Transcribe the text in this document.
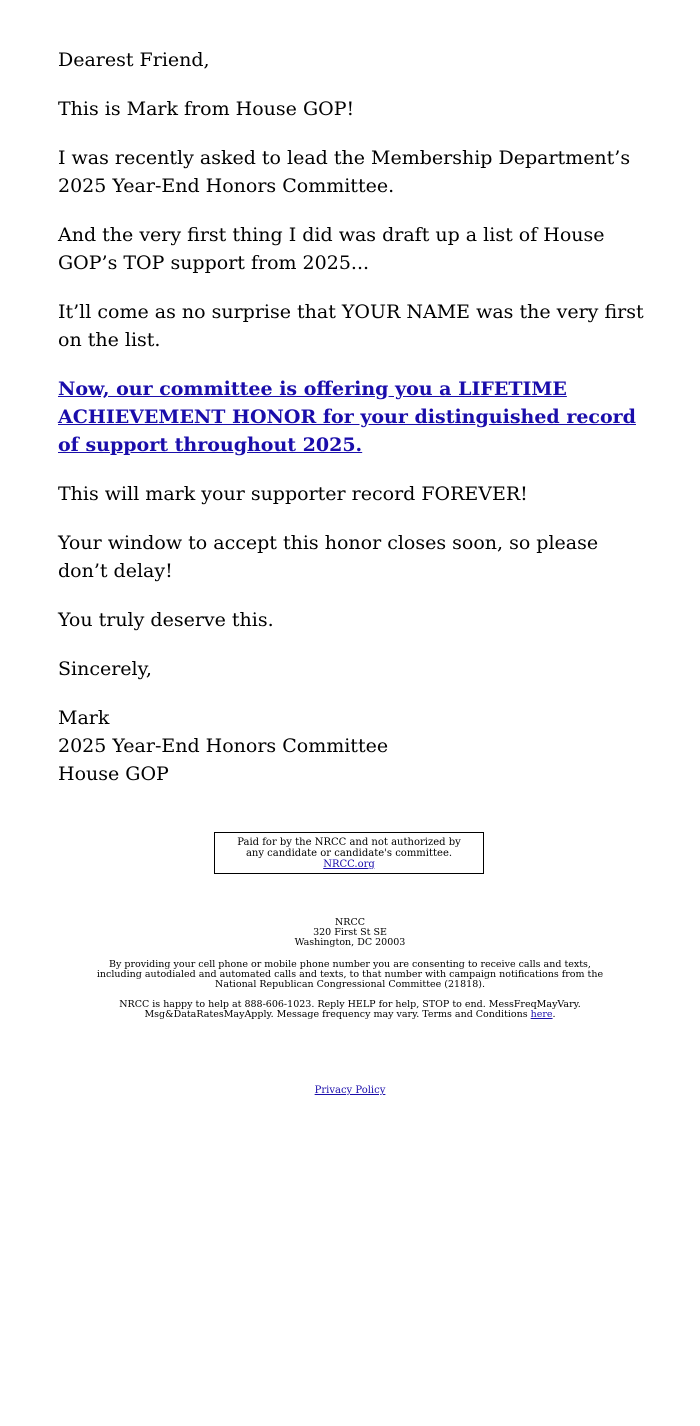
Dearest Friend,

This is Mark from House GOP!

I was recently asked to lead the Membership Department’s 2025 Year-End Honors Committee.

And the very first thing I did was draft up a list of House GOP’s TOP support from 2025...

It’ll come as no surprise that YOUR NAME was the very first on the list.

Now, our committee is offering you a LIFETIME ACHIEVEMENT HONOR for your distinguished record of support throughout 2025.

This will mark your supporter record FOREVER!

Your window to accept this honor closes soon, so please don’t delay!

You truly deserve this.

Sincerely,

Mark
2025 Year-End Honors Committee
House GOP

Paid for by the NRCC and not authorized by any candidate or candidate's committee. NRCC.org
NRCC
320 First St SE
Washington, DC 20003

By providing your cell phone or mobile phone number you are consenting to receive calls and texts, including autodialed and automated calls and texts, to that number with campaign notifications from the National Republican Congressional Committee (21818).

NRCC is happy to help at 888-606-1023. Reply HELP for help, STOP to end. MessFreqMayVary. Msg&DataRatesMayApply. Message frequency may vary. Terms and Conditions here.

Privacy Policy
